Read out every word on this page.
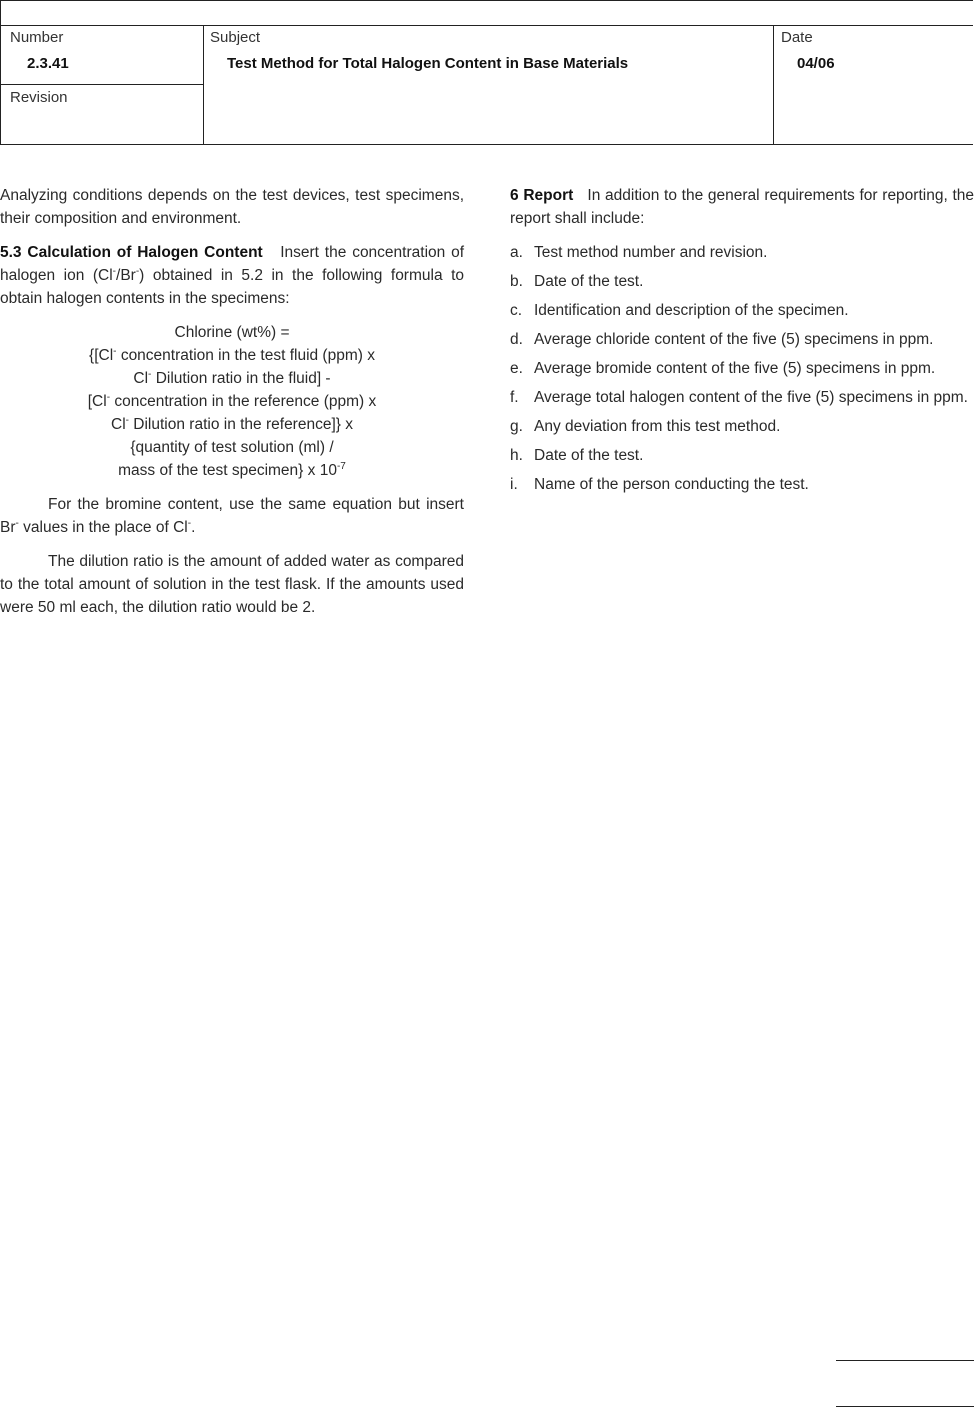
Number
2.3.41
Revision
Subject
Test Method for Total Halogen Content in Base Materials
Date
04/06

Analyzing conditions depends on the test devices, test specimens, their composition and environment.

5.3 Calculation of Halogen Content Insert the concentration of halogen ion (Cl-/Br-) obtained in 5.2 in the following formula to obtain halogen contents in the specimens:

Chlorine (wt%) =
{[Cl- concentration in the test fluid (ppm) x
Cl- Dilution ratio in the fluid] -
[Cl- concentration in the reference (ppm) x
Cl- Dilution ratio in the reference]} x
{quantity of test solution (ml) /
mass of the test specimen} x $10^{-7}$

For the bromine content, use the same equation but insert Br- values in the place of Cl-.

The dilution ratio is the amount of added water as compared to the total amount of solution in the test flask. If the amounts used were 50 ml each, the dilution ratio would be 2.

6 Report In addition to the general requirements for reporting, the report shall include:

a. Test method number and revision.
b. Date of the test.
c. Identification and description of the specimen.
d. Average chloride content of the five (5) specimens in ppm.
e. Average bromide content of the five (5) specimens in ppm.
f. Average total halogen content of the five (5) specimens in ppm.
g. Any deviation from this test method.
h. Date of the test.
i.	Name of the person conducting the test.
